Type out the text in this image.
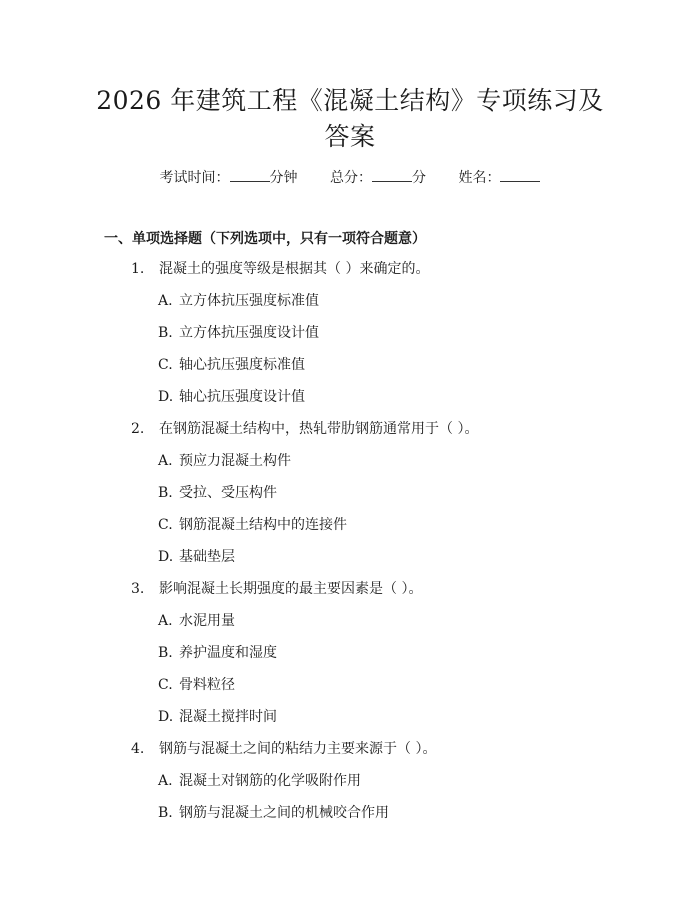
2026 年建筑工程《混凝土结构》专项练习及
答案
考试时间：	分钟 总分：	分 姓名：
一、单项选择题（下列选项中，只有一项符合题意）
1. 混凝土的强度等级是根据其（ ）来确定的。
A. 立方体抗压强度标准值
B. 立方体抗压强度设计值
C. 轴心抗压强度标准值
D. 轴心抗压强度设计值
2. 在钢筋混凝土结构中，热轧带肋钢筋通常用于（ ）。
A. 预应力混凝土构件
B. 受拉、受压构件
C. 钢筋混凝土结构中的连接件
D. 基础垫层
3. 影响混凝土长期强度的最主要因素是（ ）。
A. 水泥用量
B. 养护温度和湿度
C. 骨料粒径
D. 混凝土搅拌时间
4. 钢筋与混凝土之间的粘结力主要来源于（ ）。
A. 混凝土对钢筋的化学吸附作用
B. 钢筋与混凝土之间的机械咬合作用
